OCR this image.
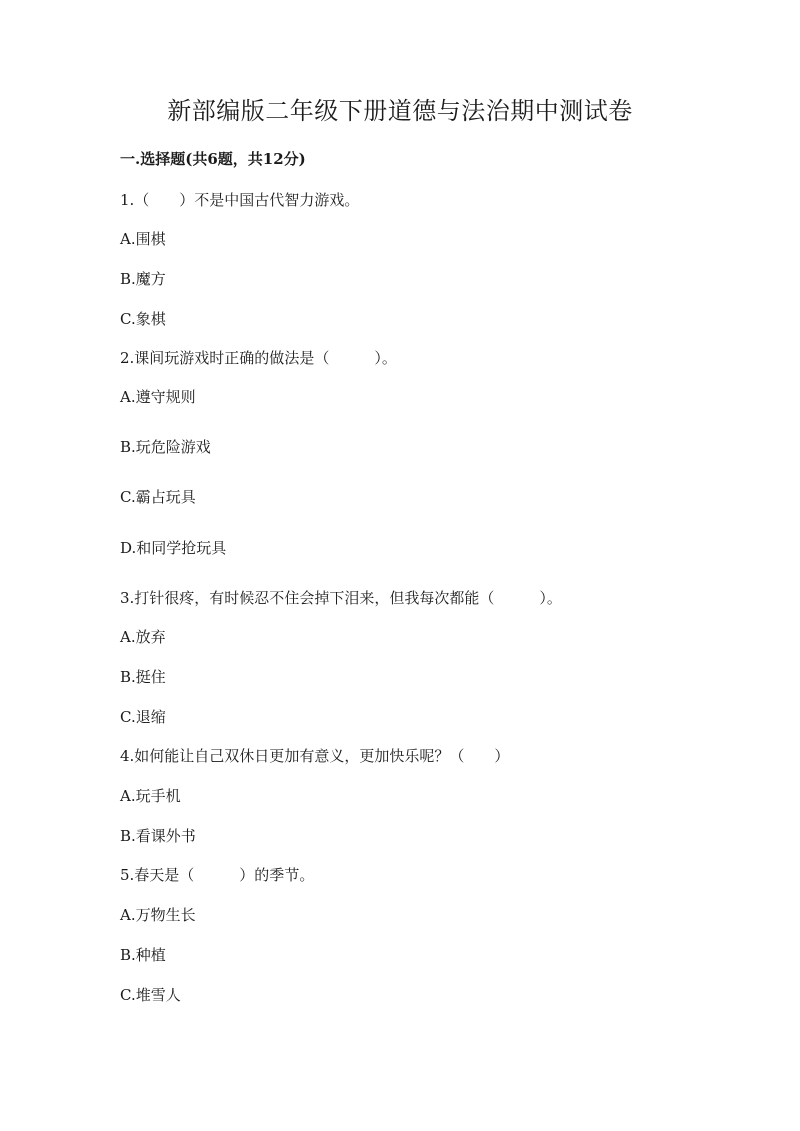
新部编版二年级下册道德与法治期中测试卷
一.选择题(共6题，共12分)
1.（　　）不是中国古代智力游戏。
A.围棋
B.魔方
C.象棋
2.课间玩游戏时正确的做法是（　　　）。
A.遵守规则
B.玩危险游戏
C.霸占玩具
D.和同学抢玩具
3.打针很疼，有时候忍不住会掉下泪来，但我每次都能（　　　）。
A.放弃
B.挺住
C.退缩
4.如何能让自己双休日更加有意义，更加快乐呢？（　　）
A.玩手机
B.看课外书
5.春天是（　　　）的季节。
A.万物生长
B.种植
C.堆雪人
